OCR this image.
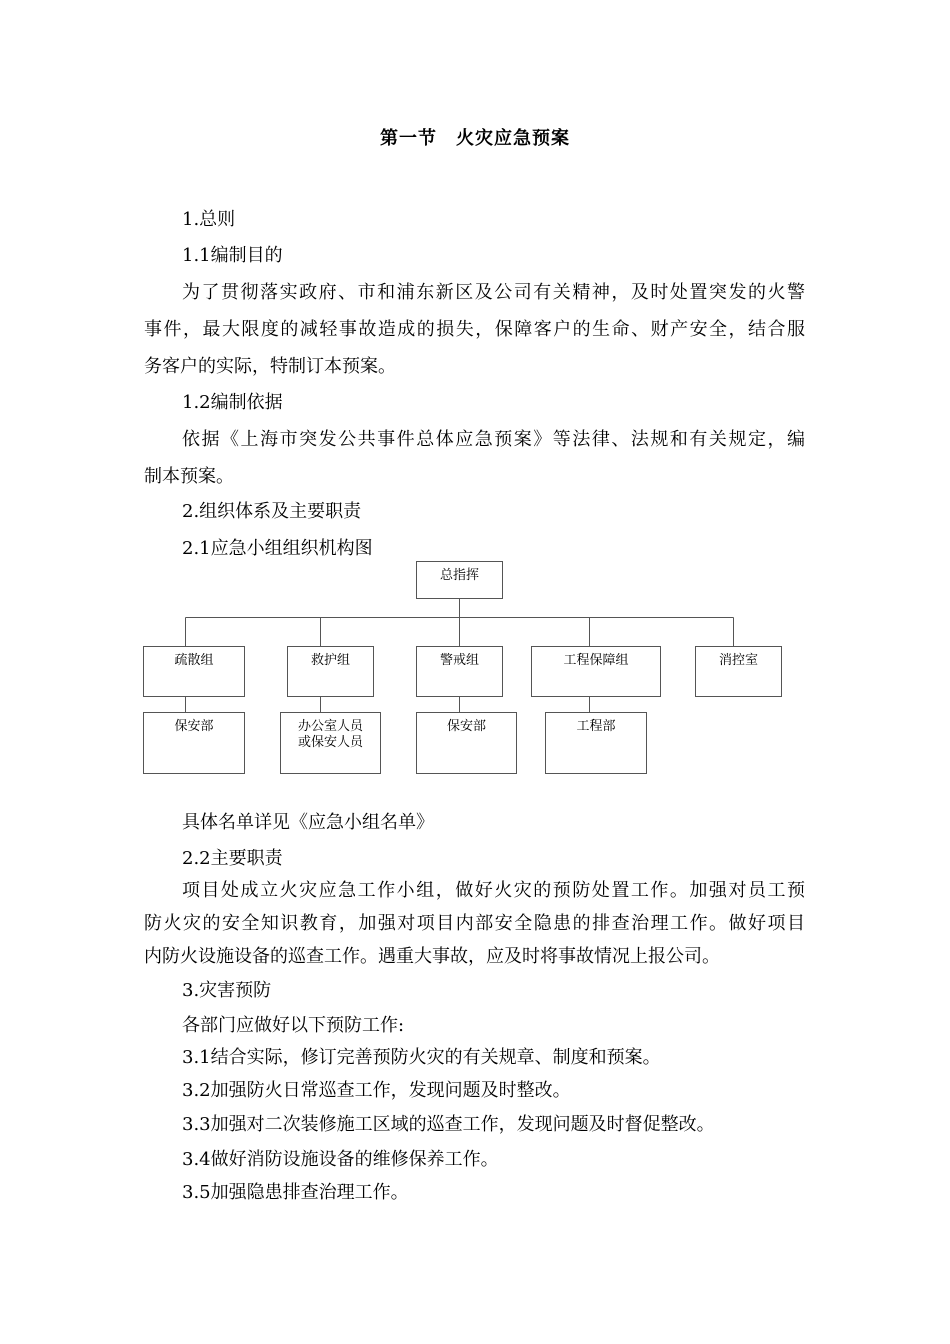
第一节　火灾应急预案
1.总则
1.1编制目的
为了贯彻落实政府、市和浦东新区及公司有关精神，及时处置突发的火警
事件，最大限度的减轻事故造成的损失，保障客户的生命、财产安全，结合服
务客户的实际，特制订本预案。
1.2编制依据
依据《上海市突发公共事件总体应急预案》等法律、法规和有关规定，编
制本预案。
2.组织体系及主要职责
2.1应急小组组织机构图
总指挥
疏散组	救护组	警戒组	工程保障组	消控室
保安部	办公室人员
或保安人员
保安部	工程部
具体名单详见《应急小组名单》
2.2主要职责
项目处成立火灾应急工作小组，做好火灾的预防处置工作。加强对员工预
防火灾的安全知识教育，加强对项目内部安全隐患的排查治理工作。做好项目
内防火设施设备的巡查工作。遇重大事故，应及时将事故情况上报公司。
3.灾害预防
各部门应做好以下预防工作:
3.1结合实际，修订完善预防火灾的有关规章、制度和预案。
3.2加强防火日常巡查工作，发现问题及时整改。
3.3加强对二次装修施工区域的巡查工作，发现问题及时督促整改。
3.4做好消防设施设备的维修保养工作。
3.5加强隐患排查治理工作。
